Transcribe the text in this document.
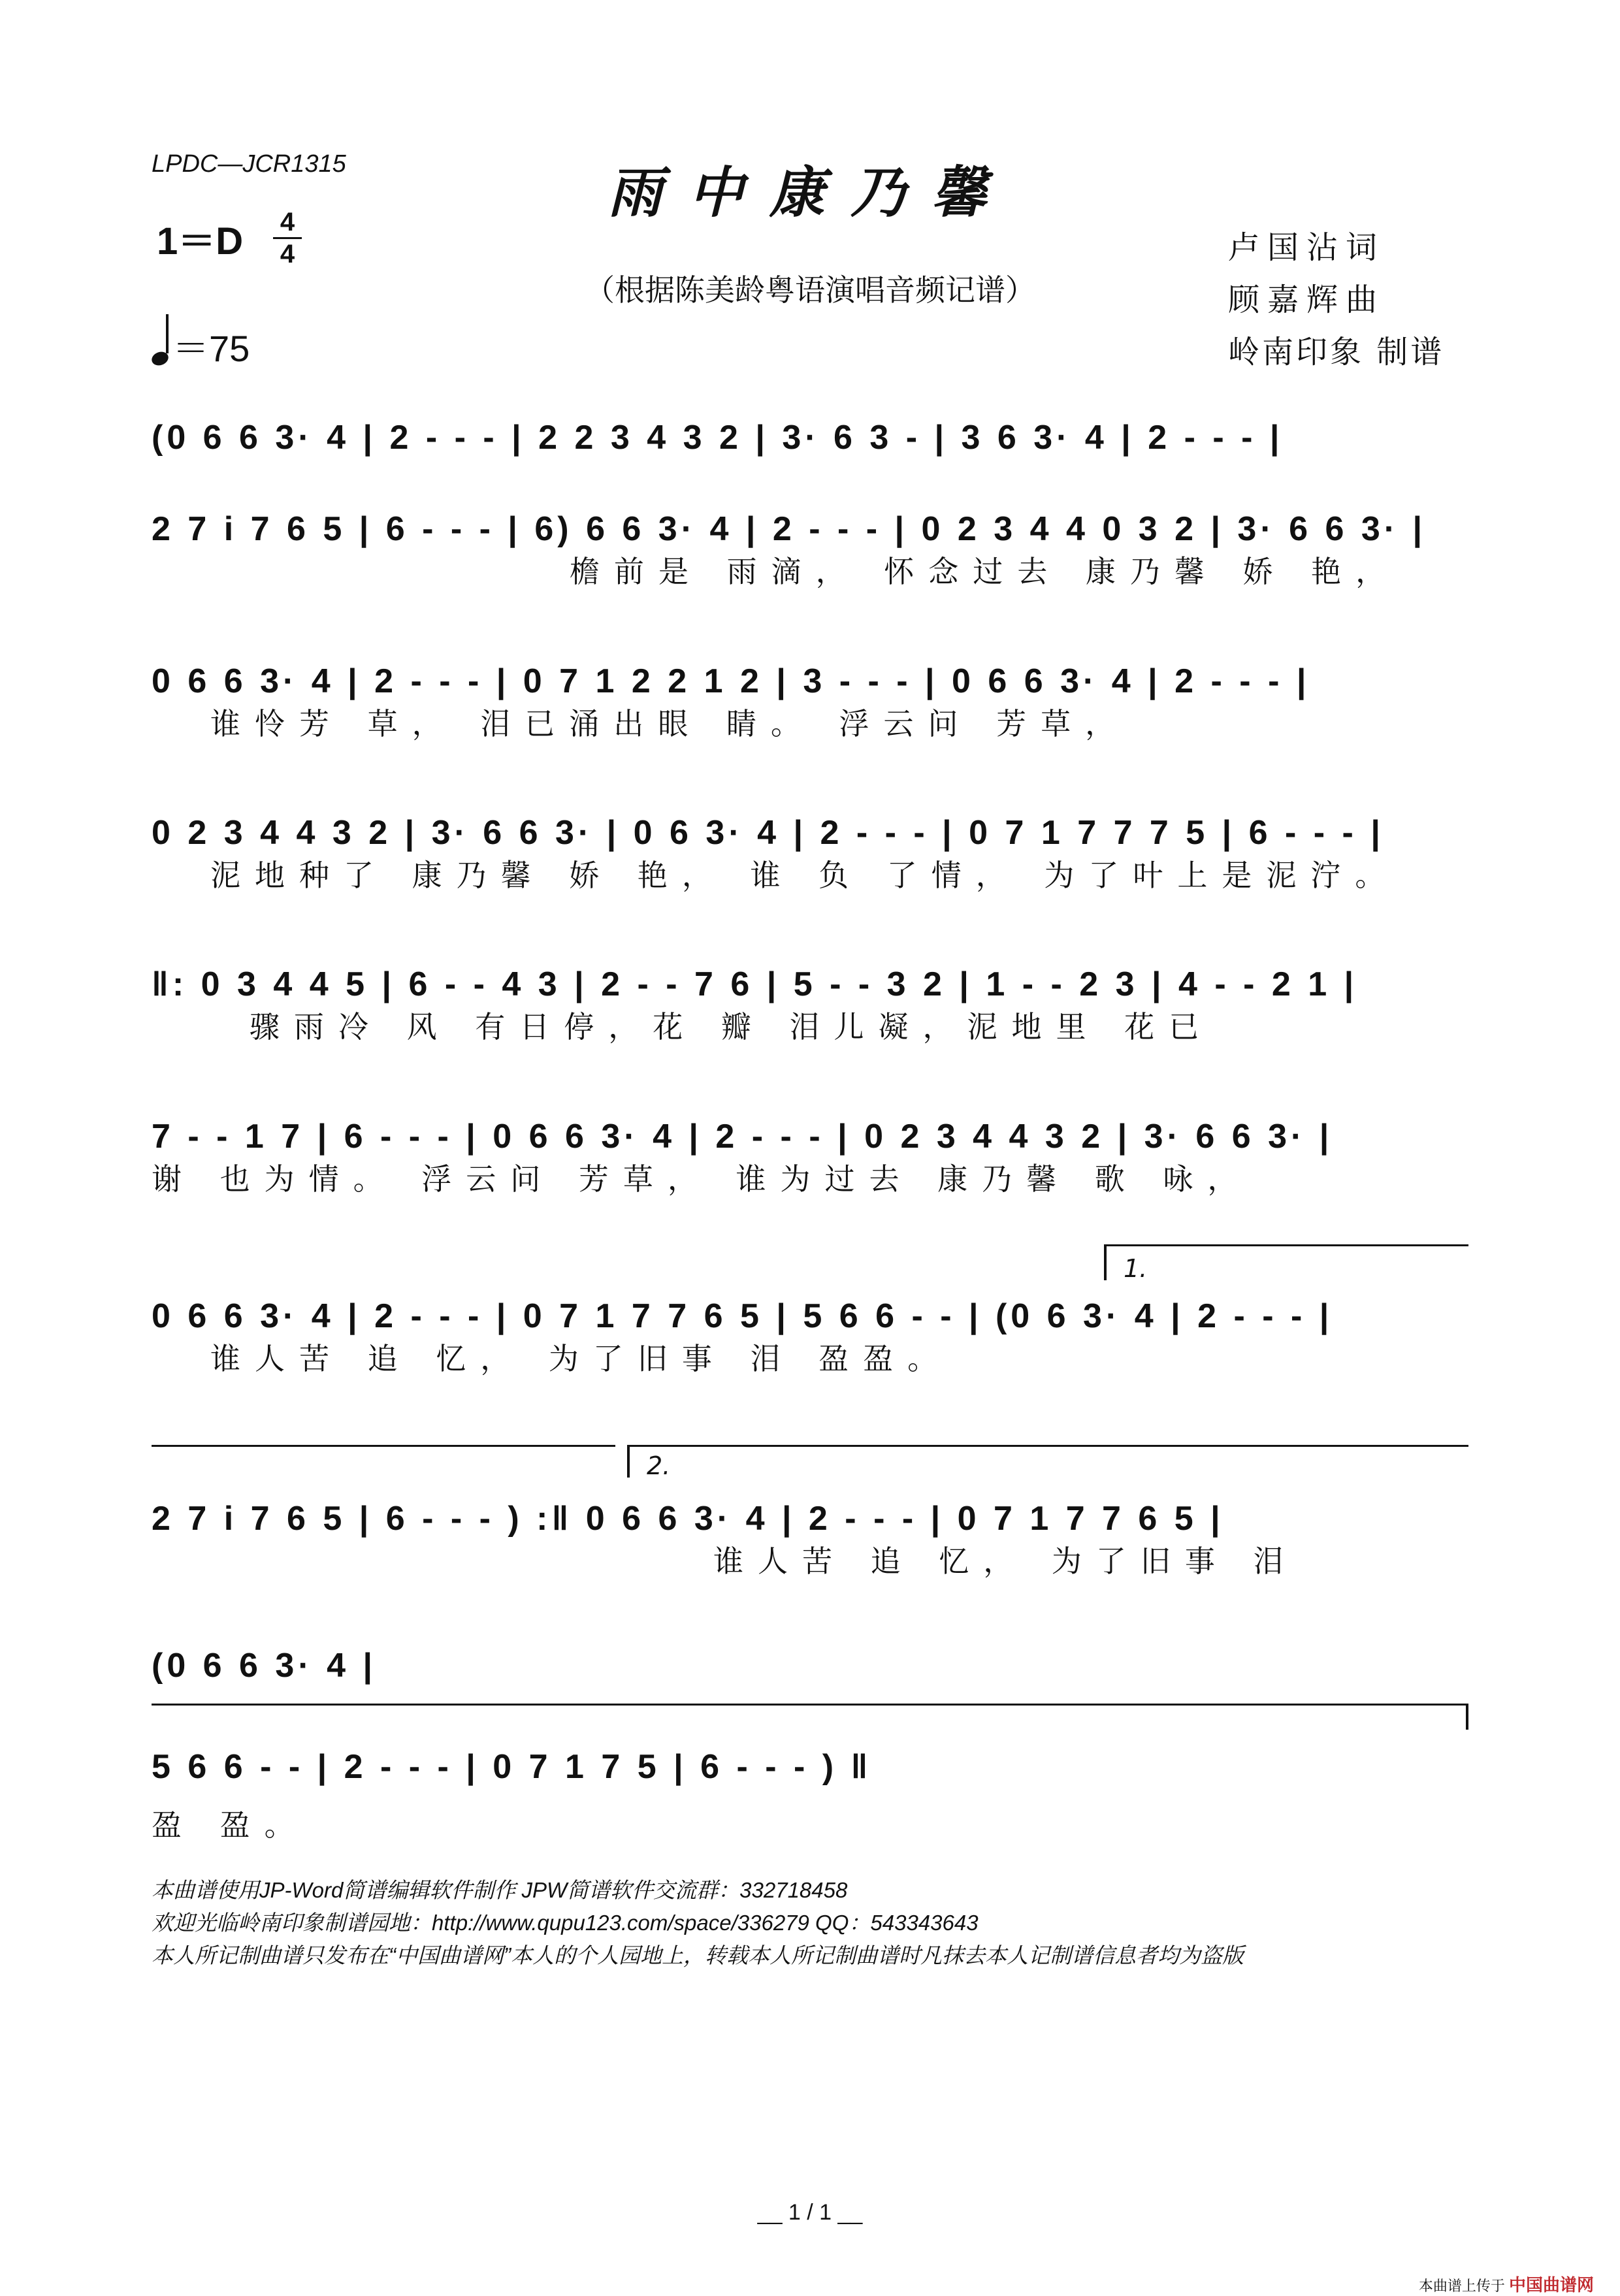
LPDC—JCR1315	雨中康乃馨
1＝D 4
4
（根据陈美龄粤语演唱音频记谱）
＝75
卢国沾词
顾嘉辉曲
岭南印象 制谱
(0 6 6 3· 4 | 2 - - - | 2 2 3 4 3 2 | 3· 6 3 - | 3 6 3· 4 | 2 - - - |
2 7 i 7 6 5 | 6 - - - | 6) 6 6 3· 4 | 2 - - - | 0 2 3 4 4 0 3 2 | 3· 6 6 3· |
檐前是 雨滴， 怀念过去 康乃馨 娇 艳，
0 6 6 3· 4 | 2 - - - | 0 7 1 2 2 1 2 | 3 - - - | 0 6 6 3· 4 | 2 - - - |
谁怜芳 草， 泪已涌出眼 睛。 浮云问 芳草，
0 2 3 4 4 3 2 | 3· 6 6 3· | 0 6 3· 4 | 2 - - - | 0 7 1 7 7 7 5 | 6 - - - |
泥地种了 康乃馨 娇 艳， 谁 负 了情， 为了叶上是泥泞。
‖: 0 3 4 4 5 | 6 - - 4 3 | 2 - - 7 6 | 5 - - 3 2 | 1 - - 2 3 | 4 - - 2 1 |
骤雨冷 风 有日停，花 瓣 泪儿凝，泥地里 花已
7 - - 1 7 | 6 - - - | 0 6 6 3· 4 | 2 - - - | 0 2 3 4 4 3 2 | 3· 6 6 3· |
谢 也为情。 浮云问 芳草， 谁为过去 康乃馨 歌 咏，
1.
0 6 6 3· 4 | 2 - - - | 0 7 1 7 7 6 5 | 5 6 6 - - | (0 6 3· 4 | 2 - - - |
谁人苦 追 忆， 为了旧事 泪 盈盈。
2.
2 7 i 7 6 5 | 6 - - - ) :‖ 0 6 6 3· 4 | 2 - - - | 0 7 1 7 7 6 5 |
谁人苦 追 忆， 为了旧事 泪
(0 6 6 3· 4 |
5 6 6 - - | 2 - - - | 0 7 1 7 5 | 6 - - - ) ‖
盈 盈。
本曲谱使用JP-Word简谱编辑软件制作 JPW简谱软件交流群：332718458
欢迎光临岭南印象制谱园地：http://www.qupu123.com/space/336279 QQ：543343643
本人所记制曲谱只发布在“中国曲谱网”本人的个人园地上，转载本人所记制曲谱时凡抹去本人记制谱信息者均为盗版
__ 1 / 1 __
本曲谱上传于 中国曲谱网
